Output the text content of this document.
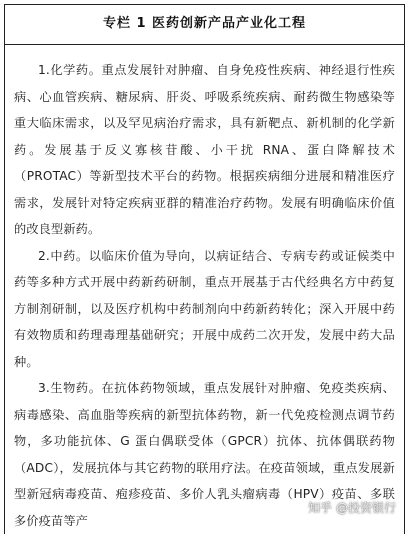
专栏 1 医药创新产品产业化工程

1.化学药。重点发展针对肿瘤、自身免疫性疾病、神经退行性疾病、心血管疾病、糖尿病、肝炎、呼吸系统疾病、耐药微生物感染等重大临床需求，以及罕见病治疗需求，具有新靶点、新机制的化学新药。发展基于反义寡核苷酸、小干扰 RNA、蛋白降解技术（PROTAC）等新型技术平台的药物。根据疾病细分进展和精准医疗需求，发展针对特定疾病亚群的精准治疗药物。发展有明确临床价值的改良型新药。

2.中药。以临床价值为导向，以病证结合、专病专药或证候类中药等多种方式开展中药新药研制，重点开展基于古代经典名方中药复方制剂研制，以及医疗机构中药制剂向中药新药转化；深入开展中药有效物质和药理毒理基础研究；开展中成药二次开发，发展中药大品种。

3.生物药。在抗体药物领域，重点发展针对肿瘤、免疫类疾病、病毒感染、高血脂等疾病的新型抗体药物，新一代免疫检测点调节药物，多功能抗体、G 蛋白偶联受体（GPCR）抗体、抗体偶联药物（ADC），发展抗体与其它药物的联用疗法。在疫苗领域，重点发展新型新冠病毒疫苗、疱疹疫苗、多价人乳头瘤病毒（HPV）疫苗、多联多价疫苗等产

知乎 @投资银行
